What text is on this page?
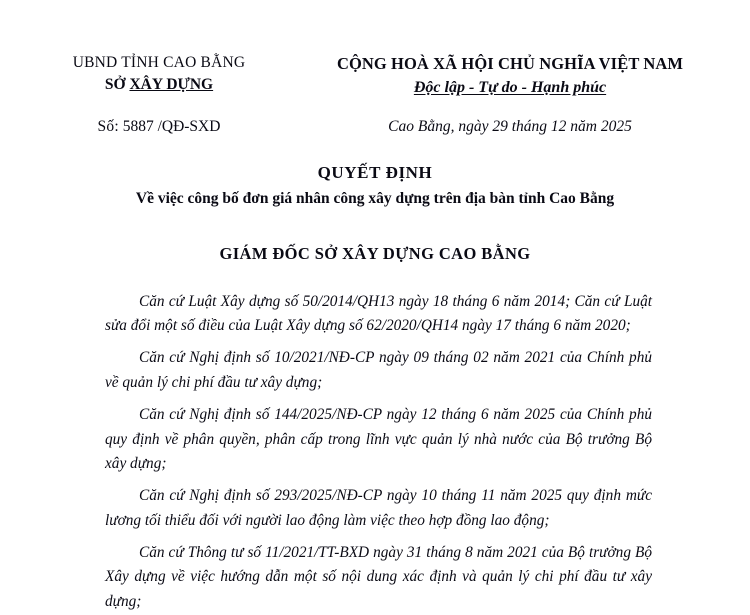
UBND TỈNH CAO BẰNG
SỞ XÂY DỰNG
CỘNG HOÀ XÃ HỘI CHỦ NGHĨA VIỆT NAM
Độc lập - Tự do - Hạnh phúc
Số: 5887 /QĐ-SXD	Cao Bằng, ngày 29 tháng 12 năm 2025
QUYẾT ĐỊNH
Về việc công bố đơn giá nhân công xây dựng trên địa bàn tỉnh Cao Bằng
GIÁM ĐỐC SỞ XÂY DỰNG CAO BẰNG
Căn cứ Luật Xây dựng số 50/2014/QH13 ngày 18 tháng 6 năm 2014; Căn cứ Luật sửa đổi một số điều của Luật Xây dựng số 62/2020/QH14 ngày 17 tháng 6 năm 2020;
Căn cứ Nghị định số 10/2021/NĐ-CP ngày 09 tháng 02 năm 2021 của Chính phủ về quản lý chi phí đầu tư xây dựng;
Căn cứ Nghị định số 144/2025/NĐ-CP ngày 12 tháng 6 năm 2025 của Chính phủ quy định về phân quyền, phân cấp trong lĩnh vực quản lý nhà nước của Bộ trưởng Bộ xây dựng;
Căn cứ Nghị định số 293/2025/NĐ-CP ngày 10 tháng 11 năm 2025 quy định mức lương tối thiểu đối với người lao động làm việc theo hợp đồng lao động;
Căn cứ Thông tư số 11/2021/TT-BXD ngày 31 tháng 8 năm 2021 của Bộ trưởng Bộ Xây dựng về việc hướng dẫn một số nội dung xác định và quản lý chi phí đầu tư xây dựng;
